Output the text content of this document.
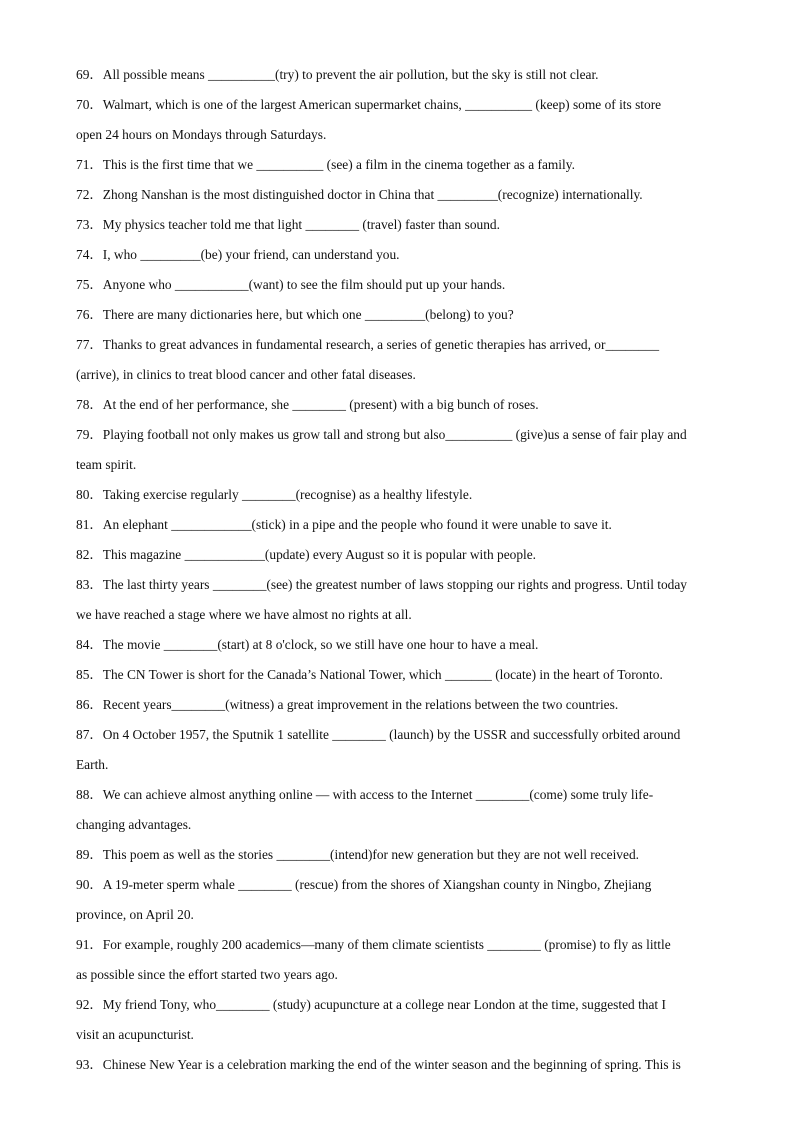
69．All possible means __________(try) to prevent the air pollution, but the sky is still not clear.
70．Walmart, which is one of the largest American supermarket chains, __________ (keep) some of its store
open 24 hours on Mondays through Saturdays.
71．This is the first time that we __________ (see) a film in the cinema together as a family.
72．Zhong Nanshan is the most distinguished doctor in China that _________(recognize) internationally.
73．My physics teacher told me that light ________ (travel) faster than sound.
74．I, who _________(be) your friend, can understand you.
75．Anyone who ___________(want) to see the film should put up your hands.
76．There are many dictionaries here, but which one _________(belong) to you?
77．Thanks to great advances in fundamental research, a series of genetic therapies has arrived, or________
(arrive), in clinics to treat blood cancer and other fatal diseases.
78．At the end of her performance, she ________ (present) with a big bunch of roses.
79．Playing football not only makes us grow tall and strong but also__________ (give)us a sense of fair play and
team spirit.
80．Taking exercise regularly ________(recognise) as a healthy lifestyle.
81．An elephant ____________(stick) in a pipe and the people who found it were unable to save it.
82．This magazine ____________(update) every August so it is popular with people.
83．The last thirty years ________(see) the greatest number of laws stopping our rights and progress. Until today
we have reached a stage where we have almost no rights at all.
84．The movie ________(start) at 8 o'clock, so we still have one hour to have a meal.
85．The CN Tower is short for the Canada’s National Tower, which _______ (locate) in the heart of Toronto.
86．Recent years________(witness) a great improvement in the relations between the two countries.
87．On 4 October 1957, the Sputnik 1 satellite ________ (launch) by the USSR and successfully orbited around
Earth.
88．We can achieve almost anything online — with access to the Internet ________(come) some truly life-
changing advantages.
89．This poem as well as the stories ________(intend)for new generation but they are not well received.
90．A 19-meter sperm whale ________ (rescue) from the shores of Xiangshan county in Ningbo, Zhejiang
province, on April 20.
91．For example, roughly 200 academics—many of them climate scientists ________ (promise) to fly as little
as possible since the effort started two years ago.
92．My friend Tony, who________ (study) acupuncture at a college near London at the time, suggested that I
visit an acupuncturist.
93．Chinese New Year is a celebration marking the end of the winter season and the beginning of spring. This is
